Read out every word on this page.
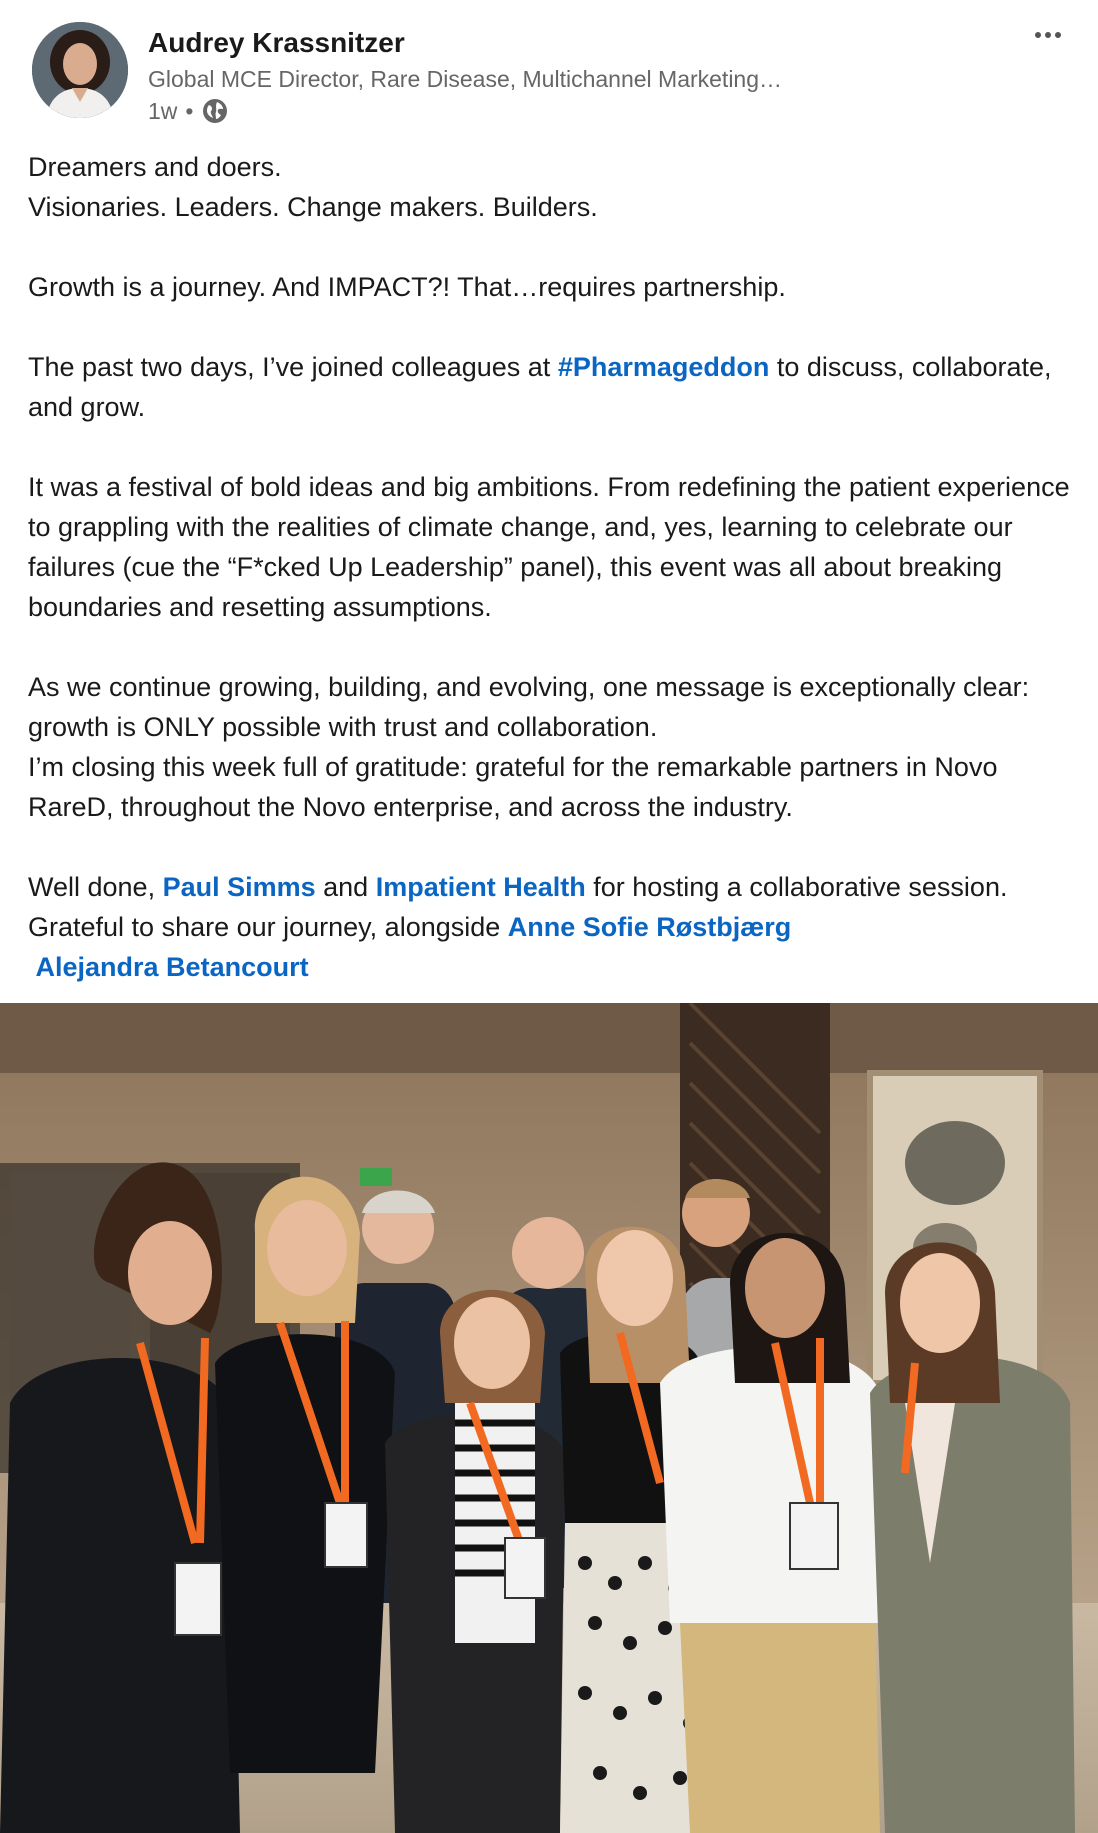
Audrey Krassnitzer
Global MCE Director, Rare Disease, Multichannel Marketing…
1w •

Dreamers and doers.
Visionaries. Leaders. Change makers. Builders.

Growth is a journey. And IMPACT?! That…requires partnership.

The past two days, I’ve joined colleagues at #Pharmageddon to discuss, collaborate, and grow.

It was a festival of bold ideas and big ambitions. From redefining the patient experience to grappling with the realities of climate change, and, yes, learning to celebrate our failures (cue the “F*cked Up Leadership” panel), this event was all about breaking boundaries and resetting assumptions.

As we continue growing, building, and evolving, one message is exceptionally clear: growth is ONLY possible with trust and collaboration.
I’m closing this week full of gratitude: grateful for the remarkable partners in Novo RareD, throughout the Novo enterprise, and across the industry.

Well done, Paul Simms and Impatient Health for hosting a collaborative session. Grateful to share our journey, alongside Anne Sofie Røstbjærg
Alejandra Betancourt
